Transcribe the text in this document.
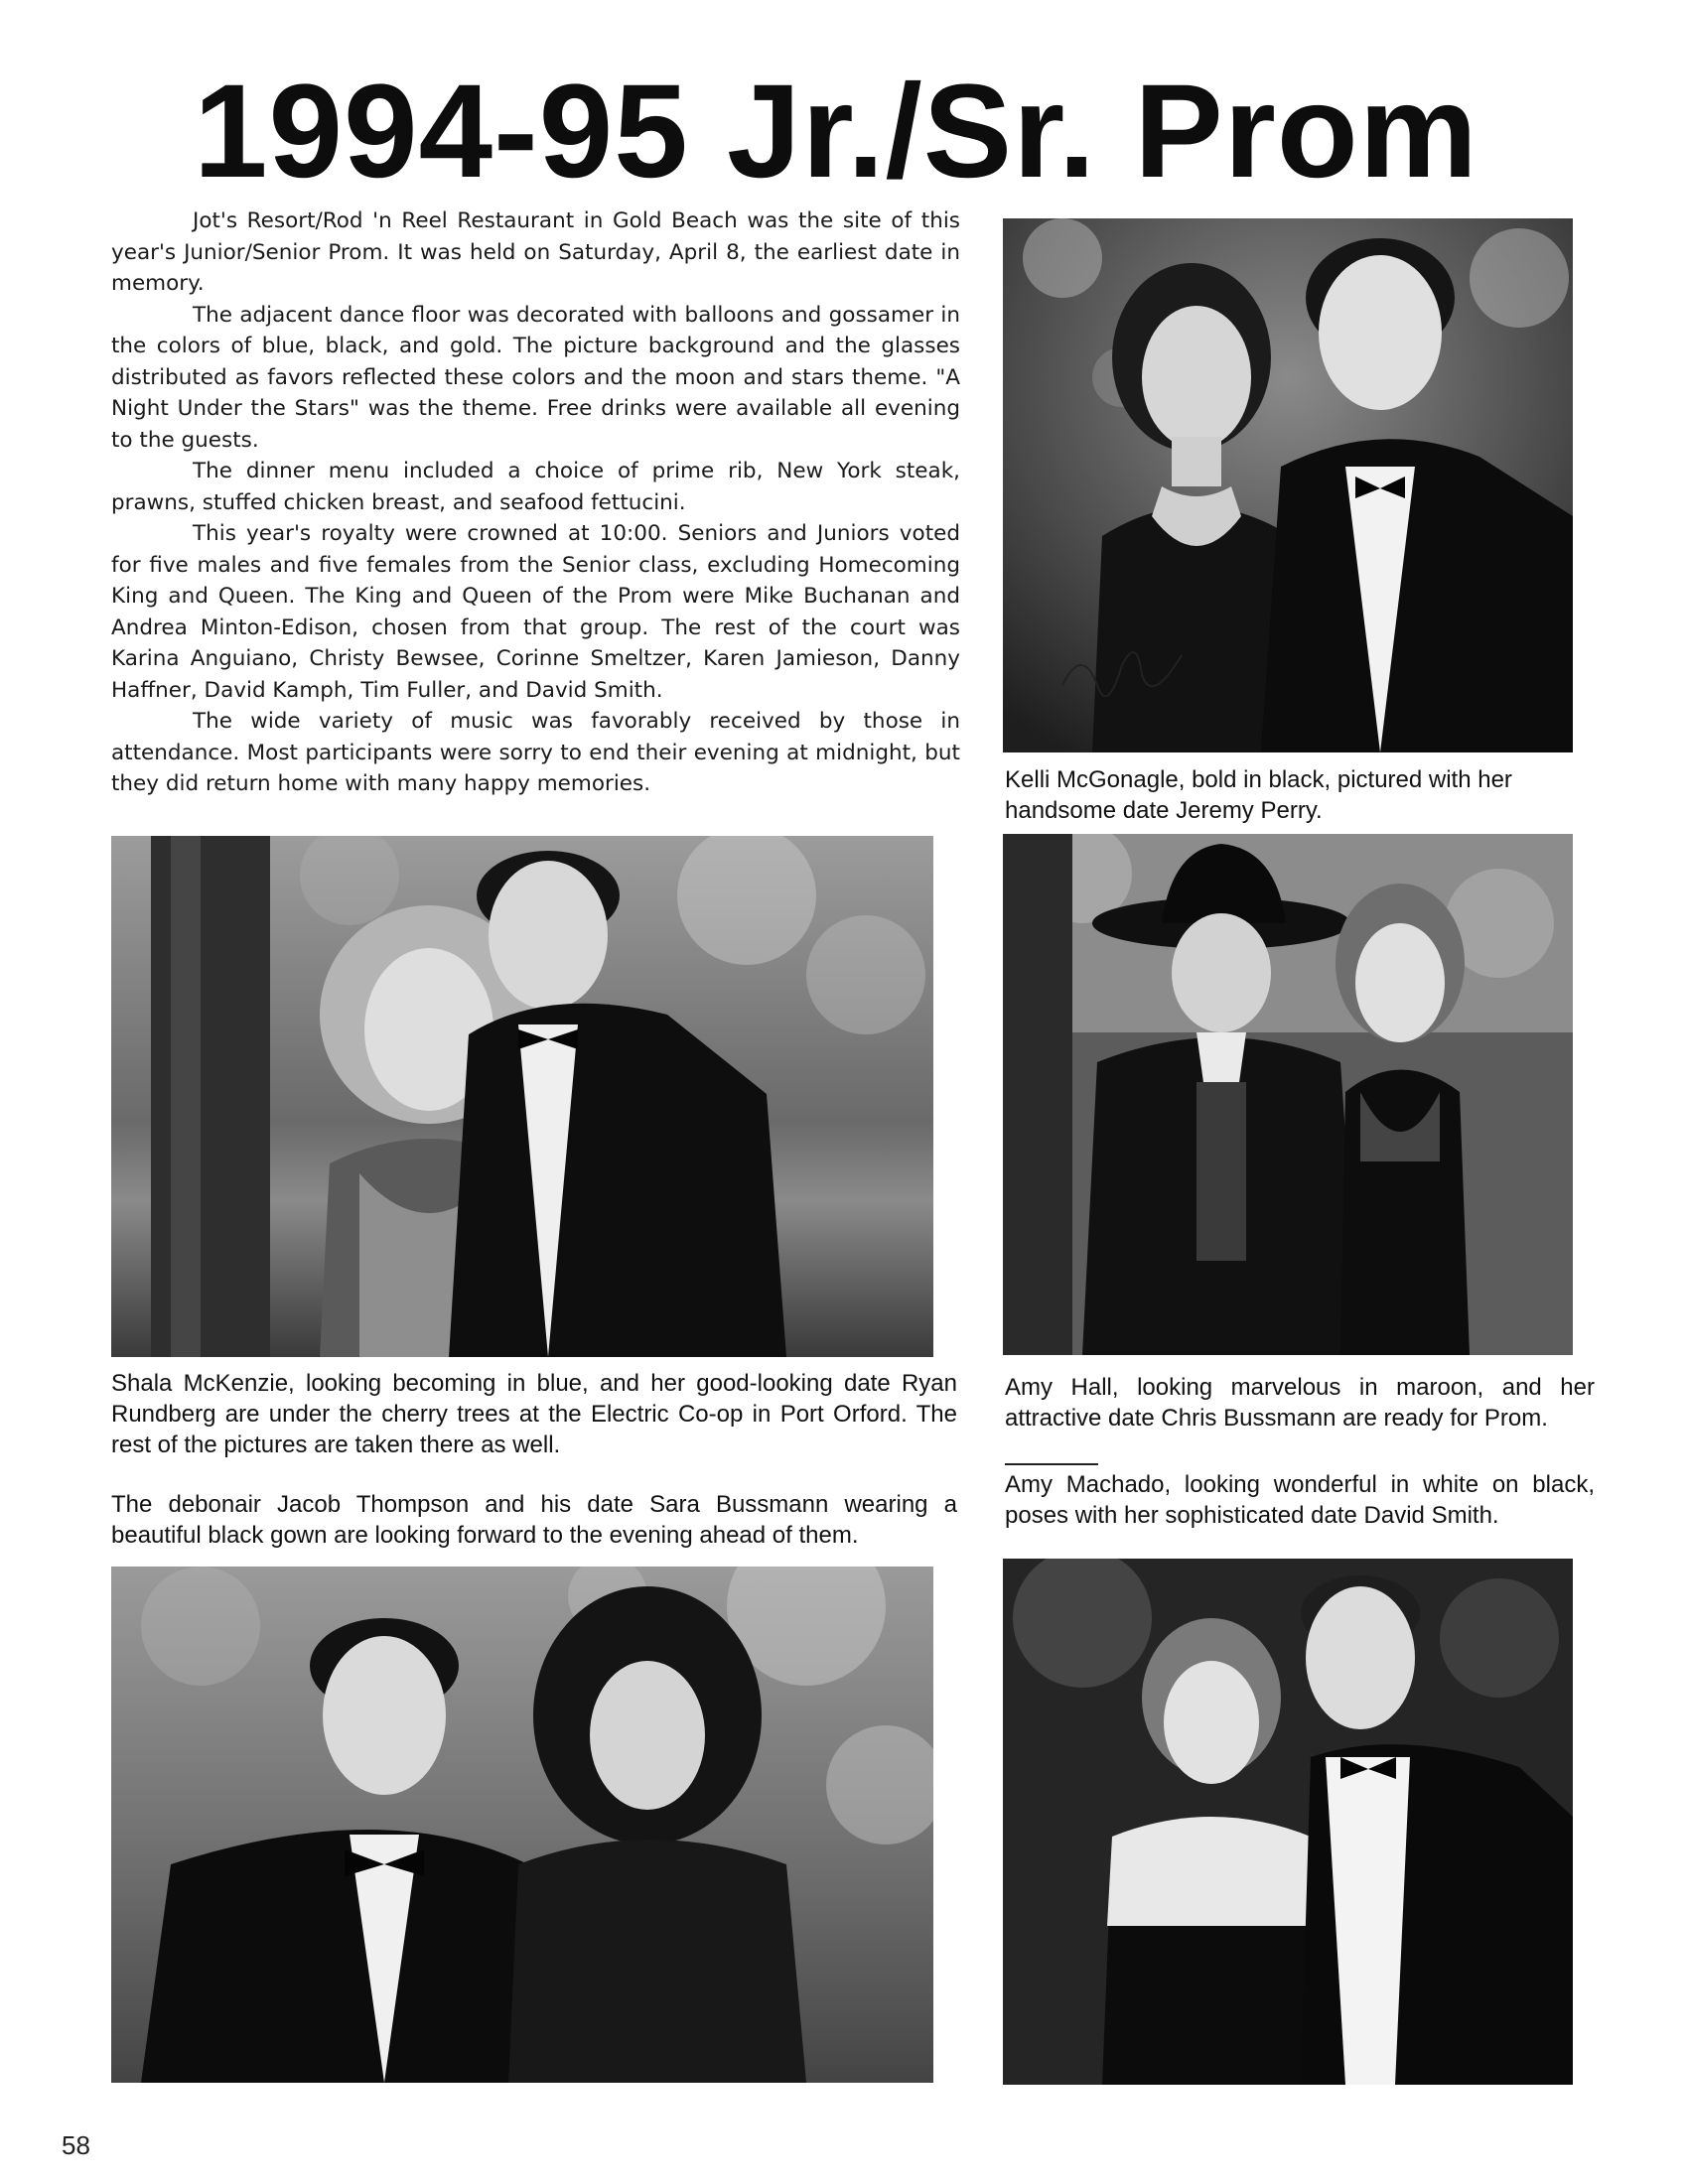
1994-95 Jr./Sr. Prom

Jot's Resort/Rod 'n Reel Restaurant in Gold Beach was the site of this year's Junior/Senior Prom. It was held on Saturday, April 8, the earliest date in memory.

The adjacent dance floor was decorated with balloons and gossamer in the colors of blue, black, and gold. The picture background and the glasses distributed as favors reflected these colors and the moon and stars theme. "A Night Under the Stars" was the theme. Free drinks were available all evening to the guests.

The dinner menu included a choice of prime rib, New York steak, prawns, stuffed chicken breast, and seafood fettucini.

This year's royalty were crowned at 10:00. Seniors and Juniors voted for five males and five females from the Senior class, excluding Homecoming King and Queen. The King and Queen of the Prom were Mike Buchanan and Andrea Minton-Edison, chosen from that group. The rest of the court was Karina Anguiano, Christy Bewsee, Corinne Smeltzer, Karen Jamieson, Danny Haffner, David Kamph, Tim Fuller, and David Smith.

The wide variety of music was favorably received by those in attendance. Most participants were sorry to end their evening at midnight, but they did return home with many happy memories.	Kelli McGonagle, bold in black, pictured with her handsome date Jeremy Perry.
Shala McKenzie, looking becoming in blue, and her good-looking date Ryan Rundberg are under the cherry trees at the Electric Co-op in Port Orford. The rest of the pictures are taken there as well.
Amy Hall, looking marvelous in maroon, and her attractive date Chris Bussmann are ready for Prom.
The debonair Jacob Thompson and his date Sara Bussmann wearing a beautiful black gown are looking forward to the evening ahead of them.
Amy Machado, looking wonderful in white on black, poses with her sophisticated date David Smith.
58
